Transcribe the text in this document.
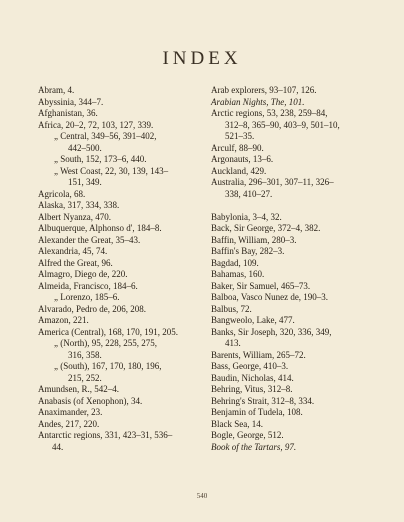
INDEX

Abram, 4.

Abyssinia, 344–7.

Afghanistan, 36.

Africa, 20–2, 72, 103, 127, 339.

„ Central, 349–56, 391–402,

442–500.

„ South, 152, 173–6, 440.

„ West Coast, 22, 30, 139, 143–

151, 349.

Agricola, 68.

Alaska, 317, 334, 338.

Albert Nyanza, 470.

Albuquerque, Alphonso d', 184–8.

Alexander the Great, 35–43.

Alexandria, 45, 74.

Alfred the Great, 96.

Almagro, Diego de, 220.

Almeida, Francisco, 184–6.

„ Lorenzo, 185–6.

Alvarado, Pedro de, 206, 208.

Amazon, 221.

America (Central), 168, 170, 191, 205.

„ (North), 95, 228, 255, 275,

316, 358.

„ (South), 167, 170, 180, 196,

215, 252.

Amundsen, R., 542–4.

Anabasis (of Xenophon), 34.

Anaximander, 23.

Andes, 217, 220.

Antarctic regions, 331, 423–31, 536–

44.

Arab explorers, 93–107, 126.

Arabian Nights, The, 101.

Arctic regions, 53, 238, 259–84,

312–8, 365–90, 403–9, 501–10,

521–35.

Arculf, 88–90.

Argonauts, 13–6.

Auckland, 429.

Australia, 296–301, 307–11, 326–

338, 410–27.

Babylonia, 3–4, 32.

Back, Sir George, 372–4, 382.

Baffin, William, 280–3.

Baffin's Bay, 282–3.

Bagdad, 109.

Bahamas, 160.

Baker, Sir Samuel, 465–73.

Balboa, Vasco Nunez de, 190–3.

Balbus, 72.

Bangweolo, Lake, 477.

Banks, Sir Joseph, 320, 336, 349,

413.

Barents, William, 265–72.

Bass, George, 410–3.

Baudin, Nicholas, 414.

Behring, Vitus, 312–8.

Behring's Strait, 312–8, 334.

Benjamin of Tudela, 108.

Black Sea, 14.

Bogle, George, 512.

Book of the Tartars, 97.

540
